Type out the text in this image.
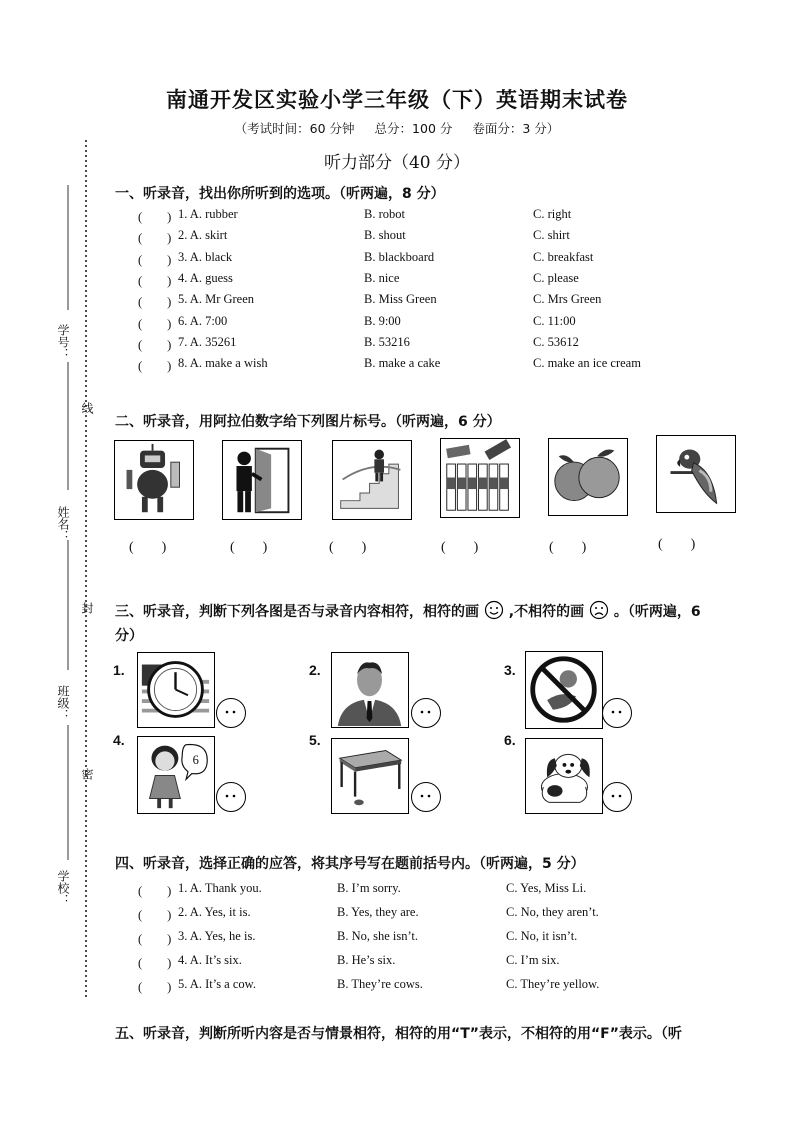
学号：
线
姓名：
封
班级：
密
学校：
南通开发区实验小学三年级（下）英语期末试卷
（考试时间：60 分钟 总分：100 分 卷面分：3 分）
听力部分（40 分）
一、听录音，找出你所听到的选项。（听两遍，8 分）
(　　) 1. A. rubber	B. robot	C. right
(　　) 2. A. skirt	B. shout	C. shirt
(　　) 3. A. black	B. blackboard	C. breakfast
(　　) 4. A. guess	B. nice	C. please
(　　) 5. A. Mr Green	B. Miss Green	C. Mrs Green
(　　) 6. A. 7:00	B. 9:00	C. 11:00
(　　) 7. A. 35261	B. 53216	C. 53612
(　　) 8. A. make a wish	B. make a cake	C. make an ice cream
二、听录音，用阿拉伯数字给下列图片标号。（听两遍，6 分）
(　　)	(　　)	(　　)	(　　)	(　　)	(　　)
三、听录音，判断下列各图是否与录音内容相符，相符的画 ,不相符的画 。（听两遍，6 分）
1.	2.	3.
4.
6
5.	6.
四、听录音，选择正确的应答，将其序号写在题前括号内。（听两遍，5 分）
(　　) 1. A. Thank you.	B. I’m sorry.	C. Yes, Miss Li.
(　　) 2. A. Yes, it is.	B. Yes, they are.	C. No, they aren’t.
(　　) 3. A. Yes, he is.	B. No, she isn’t.	C. No, it isn’t.
(　　) 4. A. It’s six.	B. He’s six.	C. I’m six.
(　　) 5. A. It’s a cow.	B. They’re cows.	C. They’re yellow.
五、听录音，判断所听内容是否与情景相符，相符的用“T”表示，不相符的用“F”表示。（听
